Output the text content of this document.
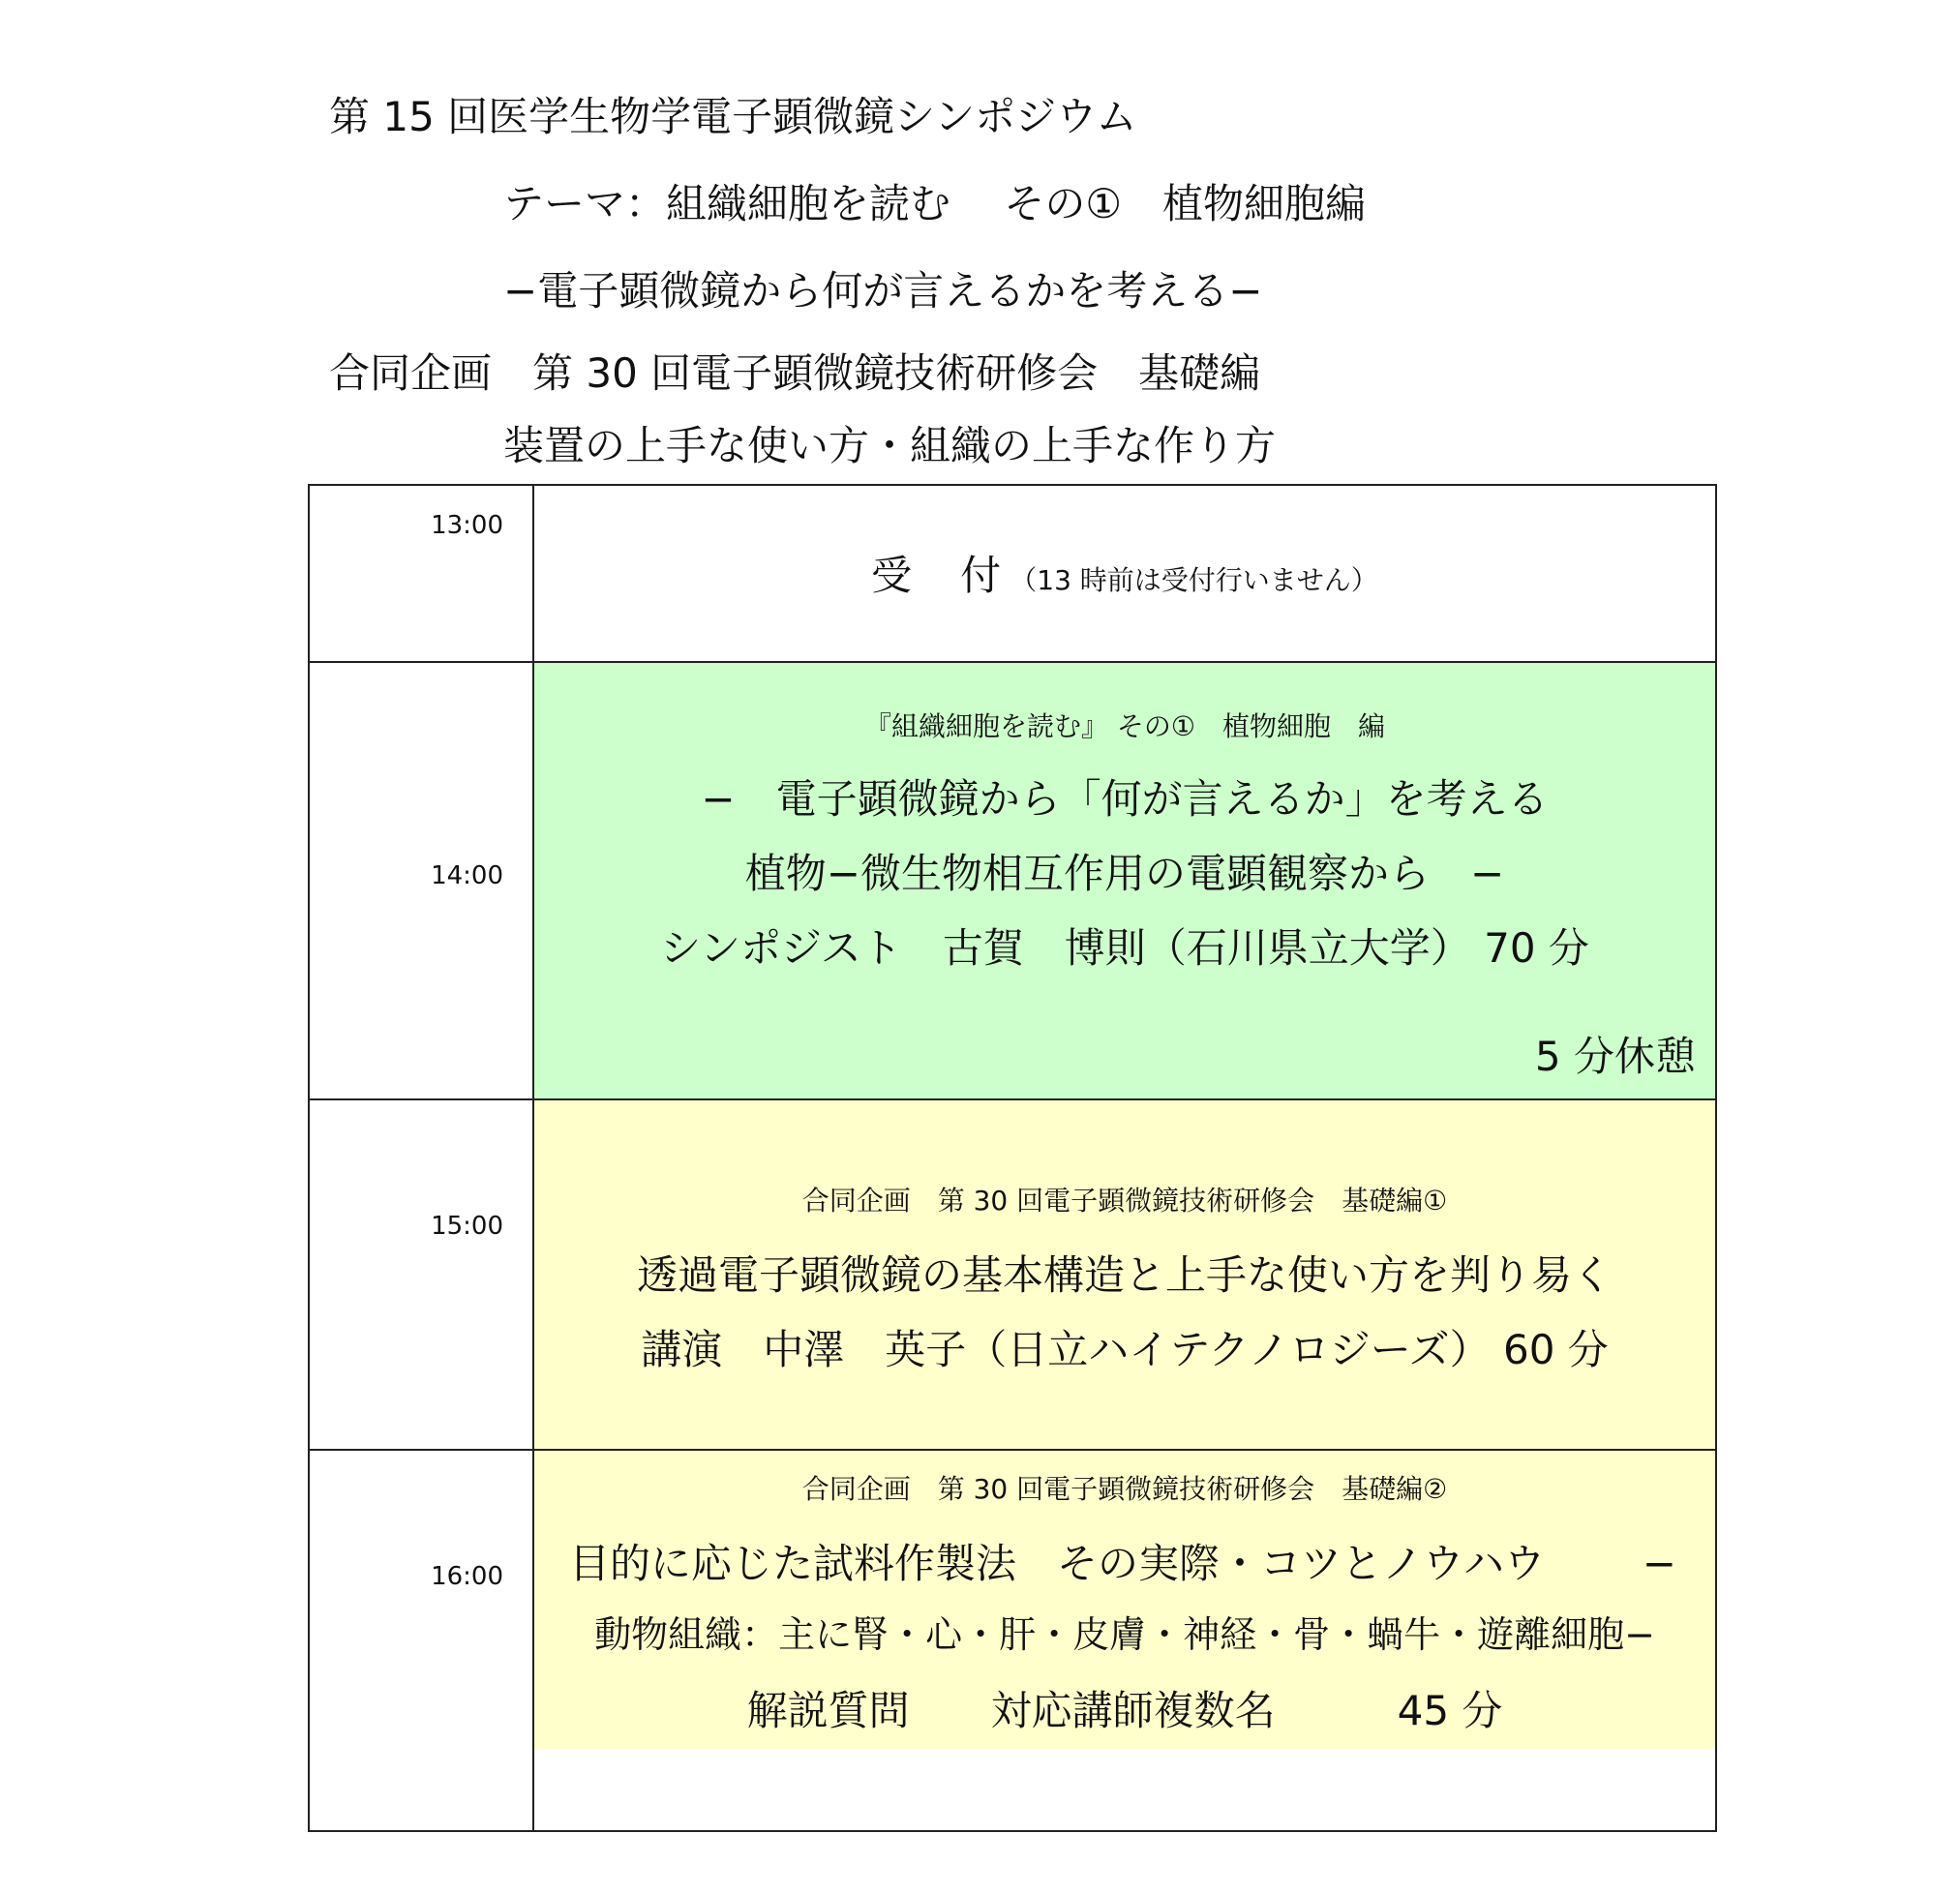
第 15 回医学生物学電子顕微鏡シンポジウム
テーマ：組織細胞を読む　 その①　植物細胞編
−電子顕微鏡から何が言えるかを考える−
合同企画　第 30 回電子顕微鏡技術研修会　基礎編
装置の上手な使い方・組織の上手な作り方
13:00
14:00
15:00
16:00
受　付 （13 時前は受付行いません）
『組織細胞を読む』 その①　植物細胞　編
−　電子顕微鏡から「何が言えるか」を考える
植物−微生物相互作用の電顕観察から　−
シンポジスト　古賀　博則（石川県立大学） 70 分
5 分休憩
合同企画　第 30 回電子顕微鏡技術研修会　基礎編①
透過電子顕微鏡の基本構造と上手な使い方を判り易く
講演　中澤　英子（日立ハイテクノロジーズ） 60 分
合同企画　第 30 回電子顕微鏡技術研修会　基礎編②
目的に応じた試料作製法　その実際・コツとノウハウ −
動物組織：主に腎・心・肝・皮膚・神経・骨・蝸牛・遊離細胞−
解説質問　　対応講師複数名　　　45 分
